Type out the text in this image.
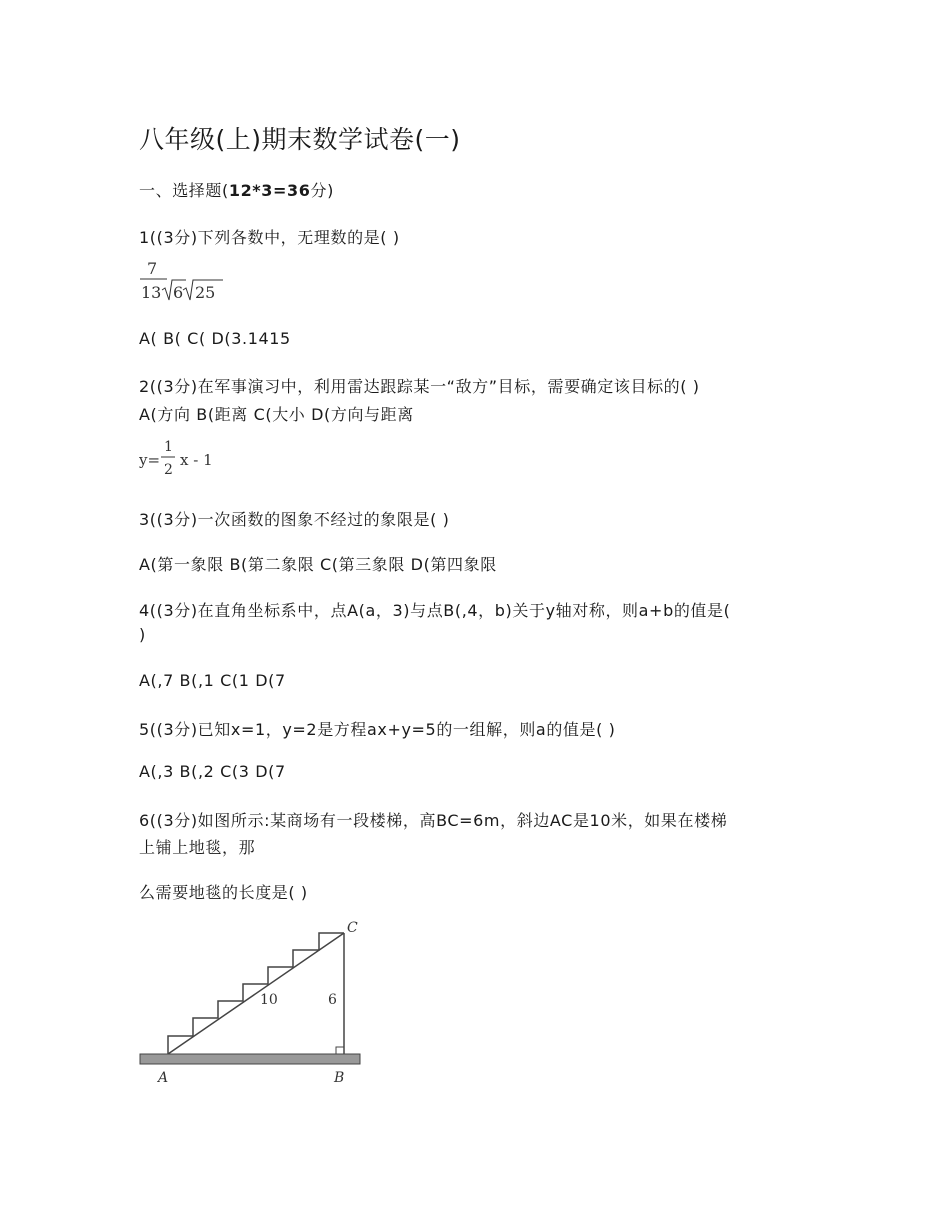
八年级(上)期末数学试卷(一)
一、选择题(12*3=36分)
1((3分)下列各数中，无理数的是( )
7
13 6 25
A( B( C( D(3.1415
2((3分)在军事演习中，利用雷达跟踪某一“敌方”目标，需要确定该目标的( )
A(方向 B(距离 C(大小 D(方向与距离
y=
1
2
x - 1
3((3分)一次函数的图象不经过的象限是( )
A(第一象限 B(第二象限 C(第三象限 D(第四象限
4((3分)在直角坐标系中，点A(a，3)与点B(,4，b)关于y轴对称，则a+b的值是(
)
A(,7 B(,1 C(1 D(7
5((3分)已知x=1，y=2是方程ax+y=5的一组解，则a的值是( )
A(,3 B(,2 C(3 D(7
6((3分)如图所示:某商场有一段楼梯，高BC=6m，斜边AC是10米，如果在楼梯
上铺上地毯，那
么需要地毯的长度是( )
A	B
C
10	6
